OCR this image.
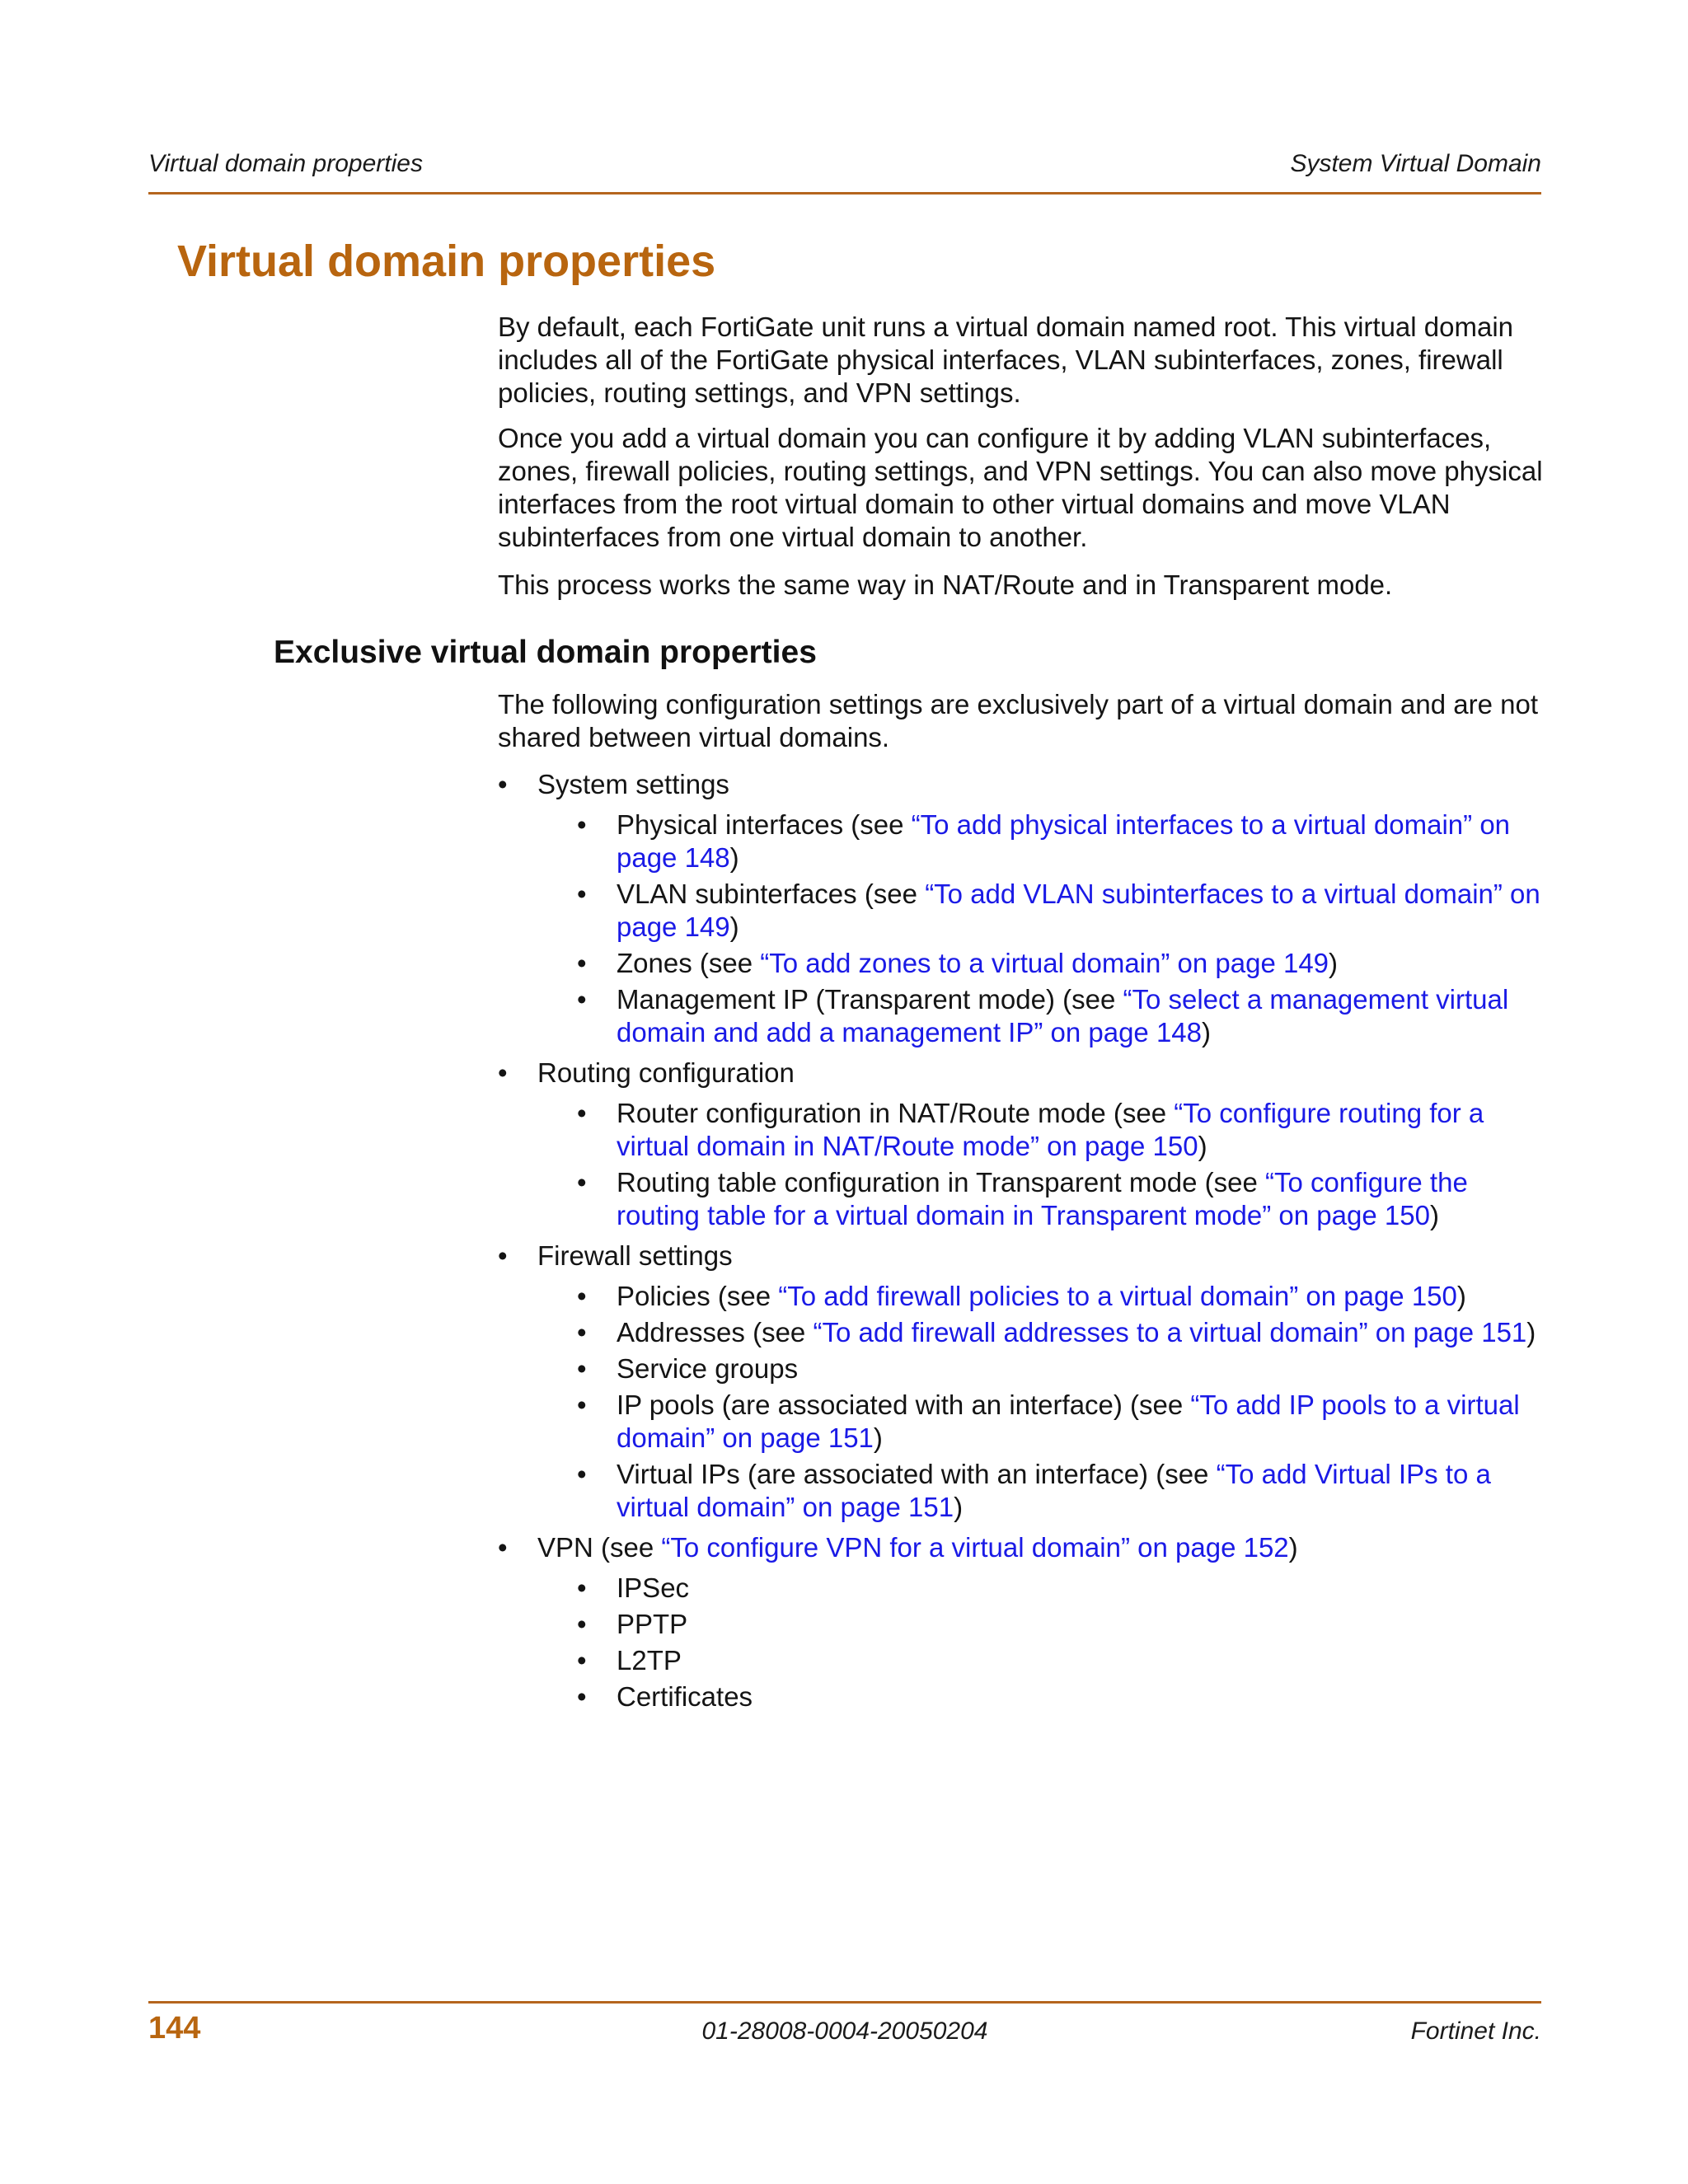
Virtual domain properties	System Virtual Domain
Virtual domain properties

By default, each FortiGate unit runs a virtual domain named root. This virtual domain includes all of the FortiGate physical interfaces, VLAN subinterfaces, zones, firewall policies, routing settings, and VPN settings.

Once you add a virtual domain you can configure it by adding VLAN subinterfaces, zones, firewall policies, routing settings, and VPN settings. You can also move physical interfaces from the root virtual domain to other virtual domains and move VLAN subinterfaces from one virtual domain to another.

This process works the same way in NAT/Route and in Transparent mode.

Exclusive virtual domain properties

The following configuration settings are exclusively part of a virtual domain and are not shared between virtual domains.

• System settings
• Physical interfaces (see “To add physical interfaces to a virtual domain” on page 148)
• VLAN subinterfaces (see “To add VLAN subinterfaces to a virtual domain” on page 149)
• Zones (see “To add zones to a virtual domain” on page 149)
• Management IP (Transparent mode) (see “To select a management virtual domain and add a management IP” on page 148)
• Routing configuration
• Router configuration in NAT/Route mode (see “To configure routing for a virtual domain in NAT/Route mode” on page 150)
• Routing table configuration in Transparent mode (see “To configure the routing table for a virtual domain in Transparent mode” on page 150)
• Firewall settings
• Policies (see “To add firewall policies to a virtual domain” on page 150)
• Addresses (see “To add firewall addresses to a virtual domain” on page 151)
• Service groups
• IP pools (are associated with an interface) (see “To add IP pools to a virtual domain” on page 151)
• Virtual IPs (are associated with an interface) (see “To add Virtual IPs to a virtual domain” on page 151)
• VPN (see “To configure VPN for a virtual domain” on page 152)
• IPSec
• PPTP
• L2TP
• Certificates
144	01-28008-0004-20050204	Fortinet Inc.
